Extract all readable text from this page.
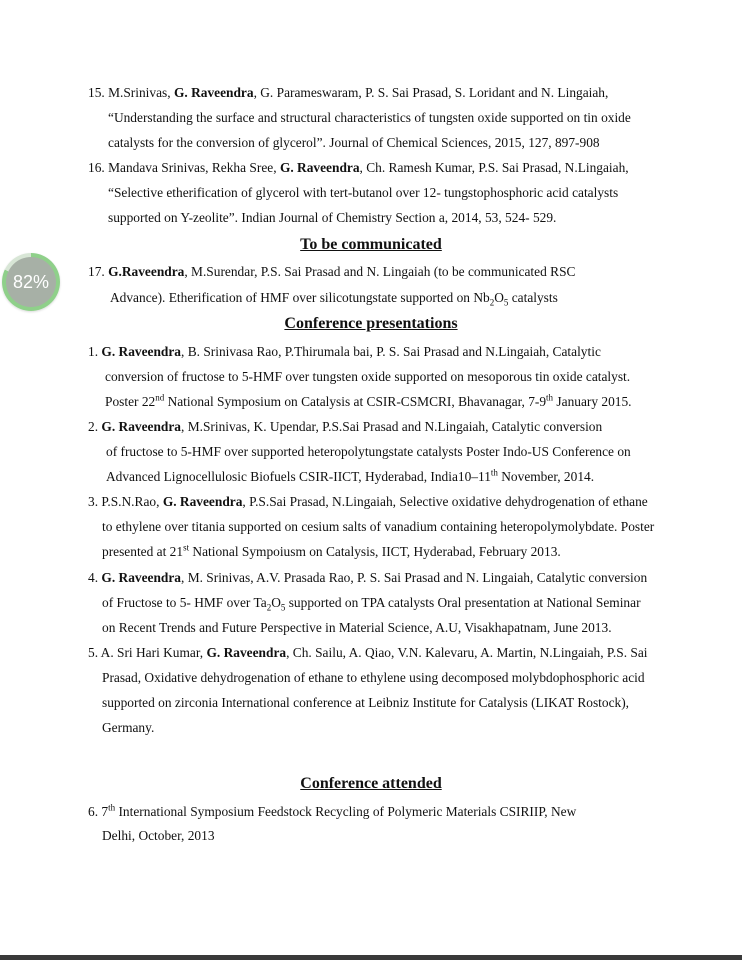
15. M.Srinivas, G. Raveendra, G. Parameswaram, P. S. Sai Prasad, S. Loridant and N. Lingaiah,
“Understanding the surface and structural characteristics of tungsten oxide supported on tin oxide
catalysts for the conversion of glycerol”. Journal of Chemical Sciences, 2015, 127, 897-908
16. Mandava Srinivas, Rekha Sree, G. Raveendra, Ch. Ramesh Kumar, P.S. Sai Prasad, N.Lingaiah,
“Selective etherification of glycerol with tert-butanol over 12- tungstophosphoric acid catalysts
supported on Y-zeolite”. Indian Journal of Chemistry Section a, 2014, 53, 524- 529.
To be communicated
17. G.Raveendra, M.Surendar, P.S. Sai Prasad and N. Lingaiah (to be communicated RSC
Advance). Etherification of HMF over silicotungstate supported on $Nb_2O_5$ catalysts
Conference presentations
1. G. Raveendra, B. Srinivasa Rao, P.Thirumala bai, P. S. Sai Prasad and N.Lingaiah, Catalytic
conversion of fructose to 5-HMF over tungsten oxide supported on mesoporous tin oxide catalyst.
Poster 22nd National Symposium on Catalysis at CSIR-CSMCRI, Bhavanagar, 7-9th January 2015.
2. G. Raveendra, M.Srinivas, K. Upendar, P.S.Sai Prasad and N.Lingaiah, Catalytic conversion
of fructose to 5-HMF over supported heteropolytungstate catalysts Poster Indo-US Conference on
Advanced Lignocellulosic Biofuels CSIR-IICT, Hyderabad, India10–11th November, 2014.
3. P.S.N.Rao, G. Raveendra, P.S.Sai Prasad, N.Lingaiah, Selective oxidative dehydrogenation of ethane
to ethylene over titania supported on cesium salts of vanadium containing heteropolymolybdate. Poster
presented at 21st National Sympoiusm on Catalysis, IICT, Hyderabad, February 2013.
4. G. Raveendra, M. Srinivas, A.V. Prasada Rao, P. S. Sai Prasad and N. Lingaiah, Catalytic conversion
of Fructose to 5- HMF over $Ta_2O_5$ supported on TPA catalysts Oral presentation at National Seminar
on Recent Trends and Future Perspective in Material Science, A.U, Visakhapatnam, June 2013.
5. A. Sri Hari Kumar, G. Raveendra, Ch. Sailu, A. Qiao, V.N. Kalevaru, A. Martin, N.Lingaiah, P.S. Sai
Prasad, Oxidative dehydrogenation of ethane to ethylene using decomposed molybdophosphoric acid
supported on zirconia International conference at Leibniz Institute for Catalysis (LIKAT Rostock),
Germany.
Conference attended
6. 7th International Symposium Feedstock Recycling of Polymeric Materials CSIRIIP, New
Delhi, October, 2013
82%
